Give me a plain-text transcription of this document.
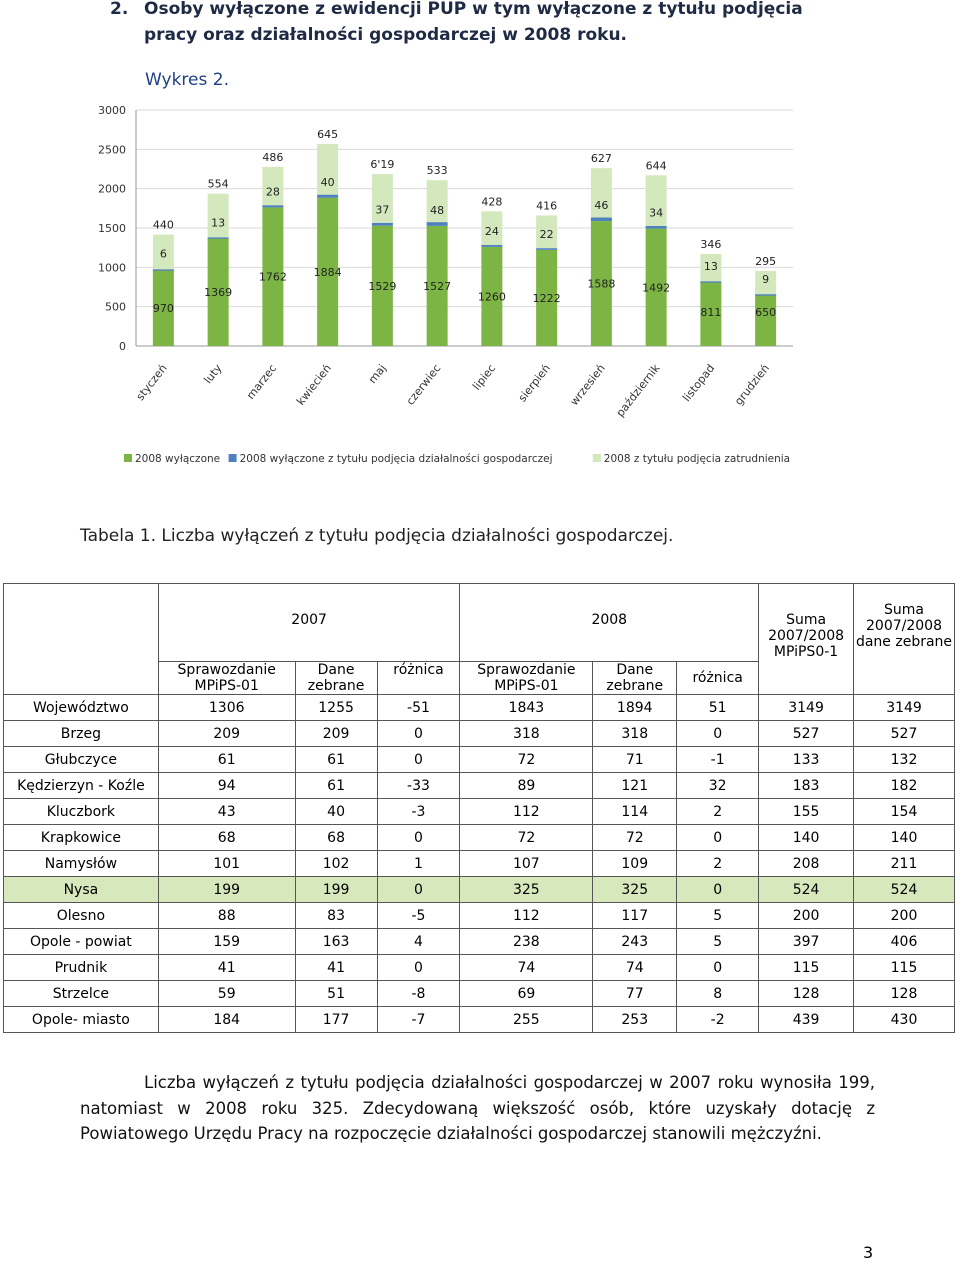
2. Osoby wyłączone z ewidencji PUP w tym wyłączone z tytułu podjęcia
pracy oraz działalności gospodarczej w 2008 roku.
Wykres 2.
0
500
1000
1500
2000
2500
3000
970
6
440
styczeń
1369
13
554
luty
1762
28
486
marzec
1884
40
645
kwiecień
1529
37
6'19
maj
1527
48
533
czerwiec
1260
24
428
lipiec
1222
22
416
sierpień
1588
46
627
wrzesień
1492
34
644
październik
811
13
346
listopad
650
9
295
grudzień
2008 wyłączone 2008 wyłączone z tytułu podjęcia działalności gospodarczej	2008 z tytułu podjęcia zatrudnienia
Tabela 1. Liczba wyłączeń z tytułu podjęcia działalności gospodarczej.
	2007			2008			Suma 2007/2008 MPiPS0-1	Suma 2007/2008 dane zebrane
	Sprawozdanie MPiPS-01	Dane zebrane	różnica	Sprawozdanie MPiPS-01	Dane zebrane	różnica		
Województwo	1306	1255	-51	1843	1894	51	3149	3149
Brzeg	209	209	0	318	318	0	527	527
Głubczyce	61	61	0	72	71	-1	133	132
Kędzierzyn - Koźle	94	61	-33	89	121	32	183	182
Kluczbork	43	40	-3	112	114	2	155	154
Krapkowice	68	68	0	72	72	0	140	140
Namysłów	101	102	1	107	109	2	208	211
Nysa	199	199	0	325	325	0	524	524
Olesno	88	83	-5	112	117	5	200	200
Opole - powiat	159	163	4	238	243	5	397	406
Prudnik	41	41	0	74	74	0	115	115
Strzelce	59	51	-8	69	77	8	128	128
Opole- miasto	184	177	-7	255	253	-2	439	430
Liczba wyłączeń z tytułu podjęcia działalności gospodarczej w 2007 roku wynosiła 199, natomiast w 2008 roku 325. Zdecydowaną większość osób, które uzyskały dotację z Powiatowego Urzędu Pracy na rozpoczęcie działalności gospodarczej stanowili mężczyźni.
3
